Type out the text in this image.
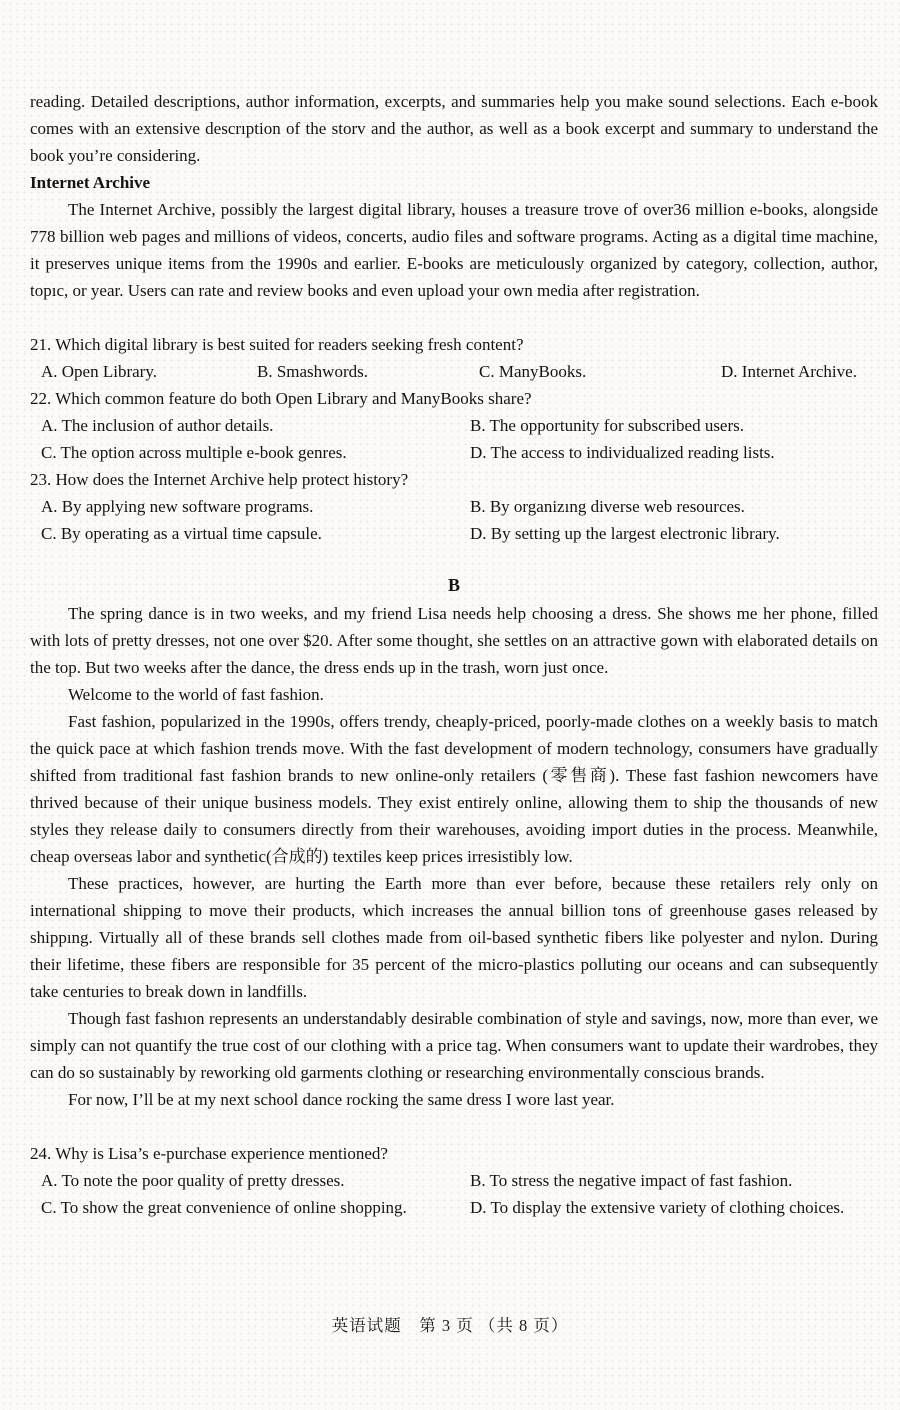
reading. Detailed descriptions, author information, excerpts, and summaries help you make sound selections. Each e-book comes with an extensive descrıption of the storv and the author, as well as a book excerpt and summary to understand the book you’re considering.

Internet Archive

The Internet Archive, possibly the largest digital library, houses a treasure trove of over36 million e-books, alongside 778 billion web pages and millions of videos, concerts, audio files and software programs. Acting as a digital time machine, it preserves unique items from the 1990s and earlier. E-books are meticulously organized by category, collection, author, topıc, or year. Users can rate and review books and even upload your own media after registration.

21. Which digital library is best suited for readers seeking fresh content?

A. Open Library.	B. Smashwords.	C. ManyBooks.	D. Internet Archive.

22. Which common feature do both Open Library and ManyBooks share?

A. The inclusion of author details.	B. The opportunity for subscribed users.
C. The option across multiple e-book genres.	D. The access to individualized reading lists.

23. How does the Internet Archive help protect history?

A. By applying new software programs.	B. By organizıng diverse web resources.
C. By operating as a virtual time capsule.	D. By setting up the largest electronic library.
B

The spring dance is in two weeks, and my friend Lisa needs help choosing a dress. She shows me her phone, filled with lots of pretty dresses, not one over $20. After some thought, she settles on an attractive gown with elaborated details on the top. But two weeks after the dance, the dress ends up in the trash, worn just once.

Welcome to the world of fast fashion.

Fast fashion, popularized in the 1990s, offers trendy, cheaply-priced, poorly-made clothes on a weekly basis to match the quick pace at which fashion trends move. With the fast development of modern technology, consumers have gradually shifted from traditional fast fashion brands to new online-only retailers (零售商). These fast fashion newcomers have thrived because of their unique business models. They exist entirely online, allowing them to ship the thousands of new styles they release daily to consumers directly from their warehouses, avoiding import duties in the process. Meanwhile, cheap overseas labor and synthetic(合成的) textiles keep prices irresistibly low.

These practices, however, are hurting the Earth more than ever before, because these retailers rely only on international shipping to move their products, which increases the annual billion tons of greenhouse gases released by shippıng. Virtually all of these brands sell clothes made from oil-based synthetic fibers like polyester and nylon. During their lifetime, these fibers are responsible for 35 percent of the micro-plastics polluting our oceans and can subsequently take centuries to break down in landfills.

Though fast fashıon represents an understandably desirable combination of style and savings, now, more than ever, we simply can not quantify the true cost of our clothing with a price tag. When consumers want to update their wardrobes, they can do so sustainably by reworking old garments clothing or researching environmentally conscious brands.

For now, I’ll be at my next school dance rocking the same dress I wore last year.

24. Why is Lisa’s e-purchase experience mentioned?

A. To note the poor quality of pretty dresses.	B. To stress the negative impact of fast fashion.
C. To show the great convenience of online shopping.	D. To display the extensive variety of clothing choices.
英语试题　第 3 页 （共 8 页）
